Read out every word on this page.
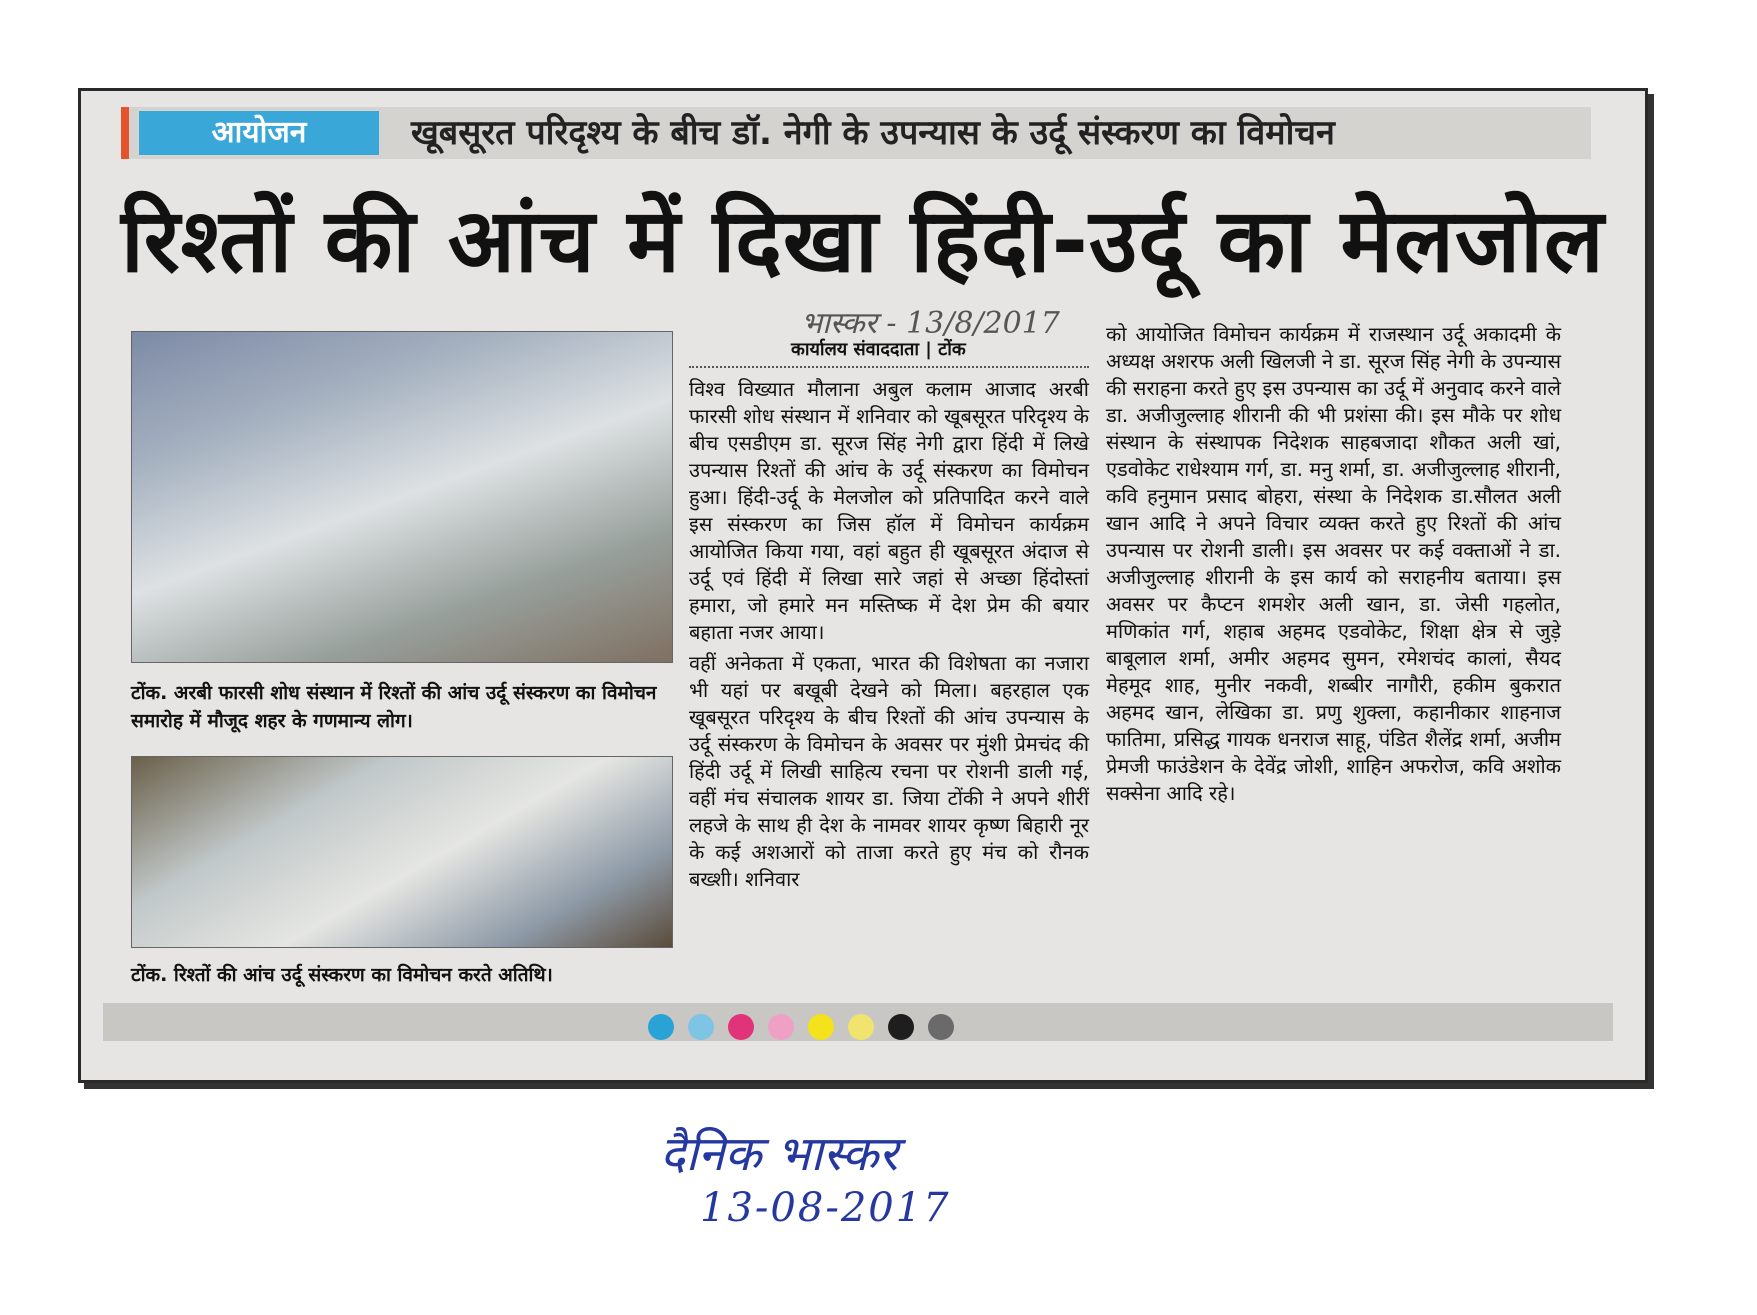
आयोजन	खूबसूरत परिदृश्य के बीच डॉ. नेगी के उपन्यास के उर्दू संस्करण का विमोचन
रिश्तों की आंच में दिखा हिंदी-उर्दू का मेलजोल
भास्कर - 13/8/2017
टोंक. अरबी फारसी शोध संस्थान में रिश्तों की आंच उर्दू संस्करण का विमोचन समारोह में मौजूद शहर के गणमान्य लोग।
टोंक. रिश्तों की आंच उर्दू संस्करण का विमोचन करते अतिथि।
कार्यालय संवाददाता | टोंक

विश्व विख्यात मौलाना अबुल कलाम आजाद अरबी फारसी शोध संस्थान में शनिवार को खूबसूरत परिदृश्य के बीच एसडीएम डा. सूरज सिंह नेगी द्वारा हिंदी में लिखे उपन्यास रिश्तों की आंच के उर्दू संस्करण का विमोचन हुआ। हिंदी-उर्दू के मेलजोल को प्रतिपादित करने वाले इस संस्करण का जिस हॉल में विमोचन कार्यक्रम आयोजित किया गया, वहां बहुत ही खूबसूरत अंदाज से उर्दू एवं हिंदी में लिखा सारे जहां से अच्छा हिंदोस्तां हमारा, जो हमारे मन मस्तिष्क में देश प्रेम की बयार बहाता नजर आया।

वहीं अनेकता में एकता, भारत की विशेषता का नजारा भी यहां पर बखूबी देखने को मिला। बहरहाल एक खूबसूरत परिदृश्य के बीच रिश्तों की आंच उपन्यास के उर्दू संस्करण के विमोचन के अवसर पर मुंशी प्रेमचंद की हिंदी उर्दू में लिखी साहित्य रचना पर रोशनी डाली गई, वहीं मंच संचालक शायर डा. जिया टोंकी ने अपने शीरीं लहजे के साथ ही देश के नामवर शायर कृष्ण बिहारी नूर के कई अशआरों को ताजा करते हुए मंच को रौनक बख्शी। शनिवार

को आयोजित विमोचन कार्यक्रम में राजस्थान उर्दू अकादमी के अध्यक्ष अशरफ अली खिलजी ने डा. सूरज सिंह नेगी के उपन्यास की सराहना करते हुए इस उपन्यास का उर्दू में अनुवाद करने वाले डा. अजीजुल्लाह शीरानी की भी प्रशंसा की। इस मौके पर शोध संस्थान के संस्थापक निदेशक साहबजादा शौकत अली खां, एडवोकेट राधेश्याम गर्ग, डा. मनु शर्मा, डा. अजीजुल्लाह शीरानी, कवि हनुमान प्रसाद बोहरा, संस्था के निदेशक डा.सौलत अली खान आदि ने अपने विचार व्यक्त करते हुए रिश्तों की आंच उपन्यास पर रोशनी डाली। इस अवसर पर कई वक्ताओं ने डा. अजीजुल्लाह शीरानी के इस कार्य को सराहनीय बताया। इस अवसर पर कैप्टन शमशेर अली खान, डा. जेसी गहलोत, मणिकांत गर्ग, शहाब अहमद एडवोकेट, शिक्षा क्षेत्र से जुड़े बाबूलाल शर्मा, अमीर अहमद सुमन, रमेशचंद कालां, सैयद मेहमूद शाह, मुनीर नकवी, शब्बीर नागौरी, हकीम बुकरात अहमद खान, लेखिका डा. प्रणु शुक्ला, कहानीकार शाहनाज फातिमा, प्रसिद्ध गायक धनराज साहू, पंडित शैलेंद्र शर्मा, अजीम प्रेमजी फाउंडेशन के देवेंद्र जोशी, शाहिन अफरोज, कवि अशोक सक्सेना आदि रहे।

दैनिक भास्कर
13-08-2017
